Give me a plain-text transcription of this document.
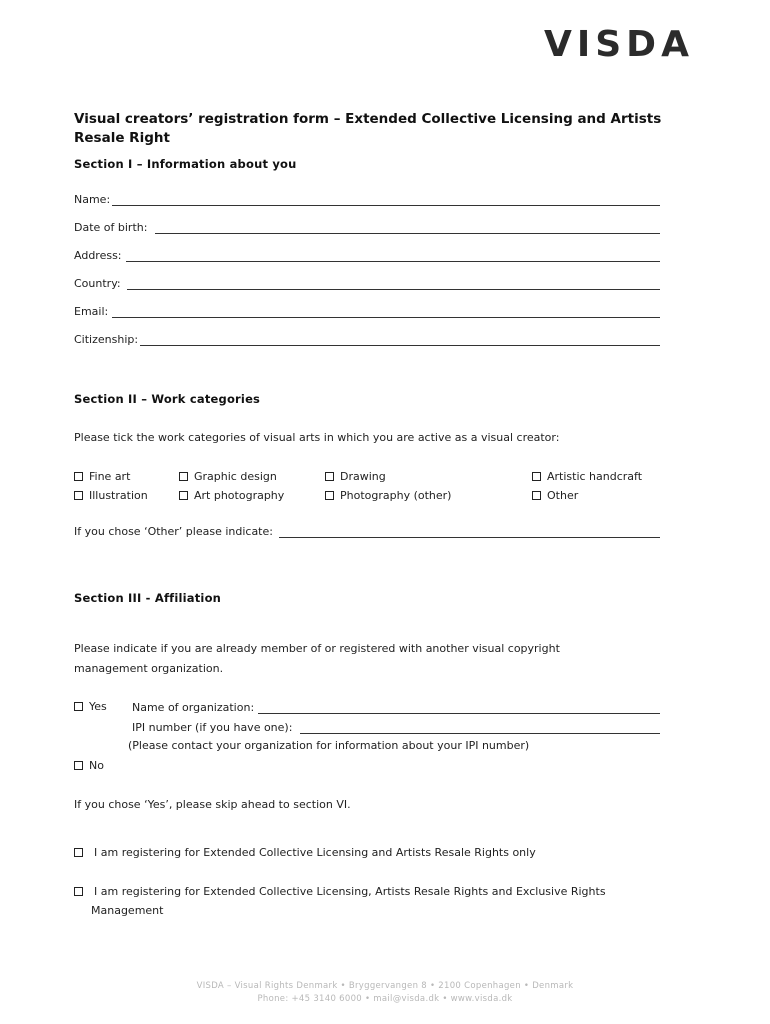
VISDA
Visual creators’ registration form – Extended Collective Licensing and Artists Resale Right
Section I – Information about you
Name:
Date of birth:
Address:
Country:
Email:
Citizenship:
Section II – Work categories
Please tick the work categories of visual arts in which you are active as a visual creator:
Fine art	Graphic design	Drawing	Artistic handcraft
Illustration	Art photography	Photography (other)	Other
If you chose ‘Other’ please indicate:
Section III - Affiliation
Please indicate if you are already member of or registered with another visual copyright
management organization.
Yes Name of organization:
IPI number (if you have one):
(Please contact your organization for information about your IPI number)
No
If you chose ‘Yes’, please skip ahead to section VI.
I am registering for Extended Collective Licensing and Artists Resale Rights only
I am registering for Extended Collective Licensing, Artists Resale Rights and Exclusive Rights
Management
VISDA – Visual Rights Denmark • Bryggervangen 8 • 2100 Copenhagen • Denmark
Phone: +45 3140 6000 • mail@visda.dk • www.visda.dk
